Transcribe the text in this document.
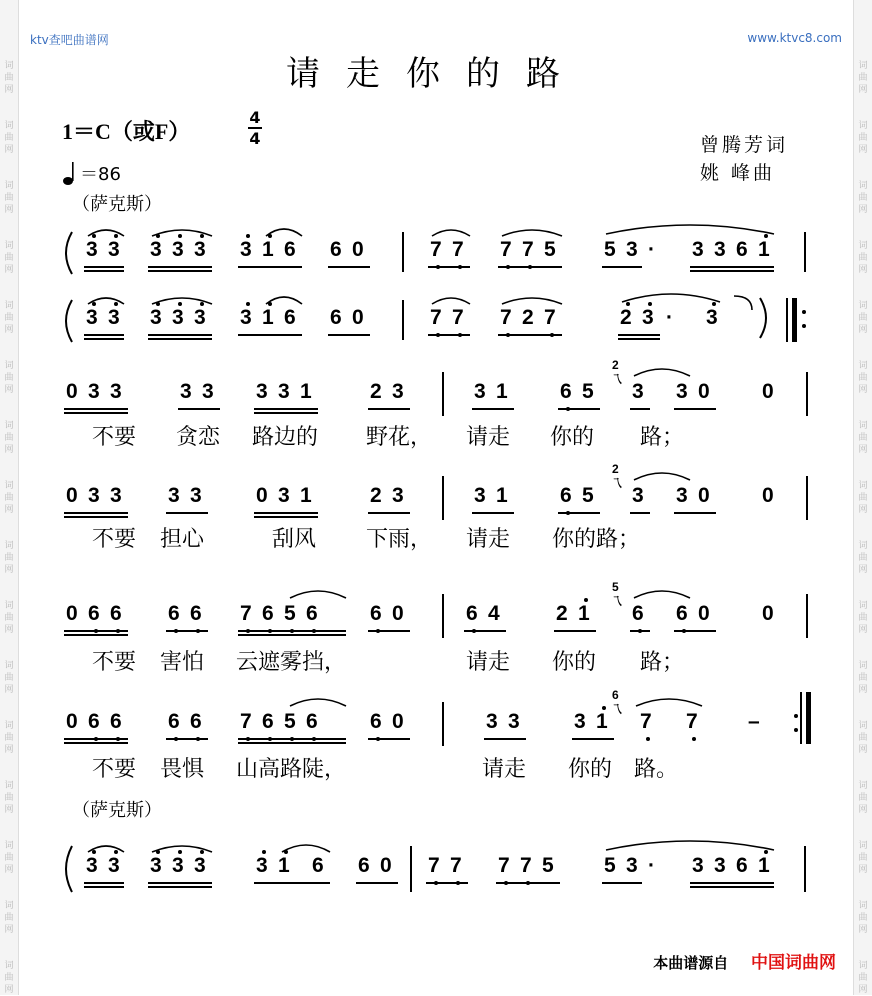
词
曲
网
词
曲
网
词
曲
网
词
曲
网
词
曲
网
词
曲
网
词
曲
网
词
曲
网
词
曲
网
词
曲
网
词
曲
网
词
曲
网
词
曲
网
词
曲
网
词
曲
网
词
曲
网
词
曲
网
词
曲
网
词
曲
网
词
曲
网
词
曲
网
词
曲
网
词
曲
网
词
曲
网
词
曲
网
词
曲
网
词
曲
网
词
曲
网
词
曲
网
词
曲
网
词
曲
网
词
曲
网
ktv查吧曲谱网	www.ktvc8.com
请走你的路
1＝C（或F）
4
4	曾腾芳词
姚 峰曲
＝86
（萨克斯）
（萨克斯）
3 3 3 3 3 3 1 6 6 0	7 7 7 7 5 5 3 · 3 3 6 1
3 3 3 3 3 3 1 6 6 0	7 7 7 2 7	2 3 · 3
0 3 3	3 3 3 3 1	2 3	3 1 6 5 3 3 0 0
2
乁
0 3 3 3 3	0 3 1	2 3	3 1 6 5 3 3 0 0
2
乁
0 6 6 6 6 7 6 5 6 6 0	6 4	2 1 6 6 0 0
5
乁
0 6 6 6 6 7 6 5 6 6 0	3 3	3 1 7 7 –
6
乁
3 3 3 3 3 3 1 6 6 0 7 7 7 7 5 5 3 · 3 3 6 1
不要 贪恋 路边的 野花， 请走 你的 路；
不要 担心	刮风 下雨， 请走 你的路；
不要 害怕 云遮雾挡，	请走 你的 路；
不要 畏惧 山高路陡，	请走 你的 路。
本曲谱源自 中国词曲网
